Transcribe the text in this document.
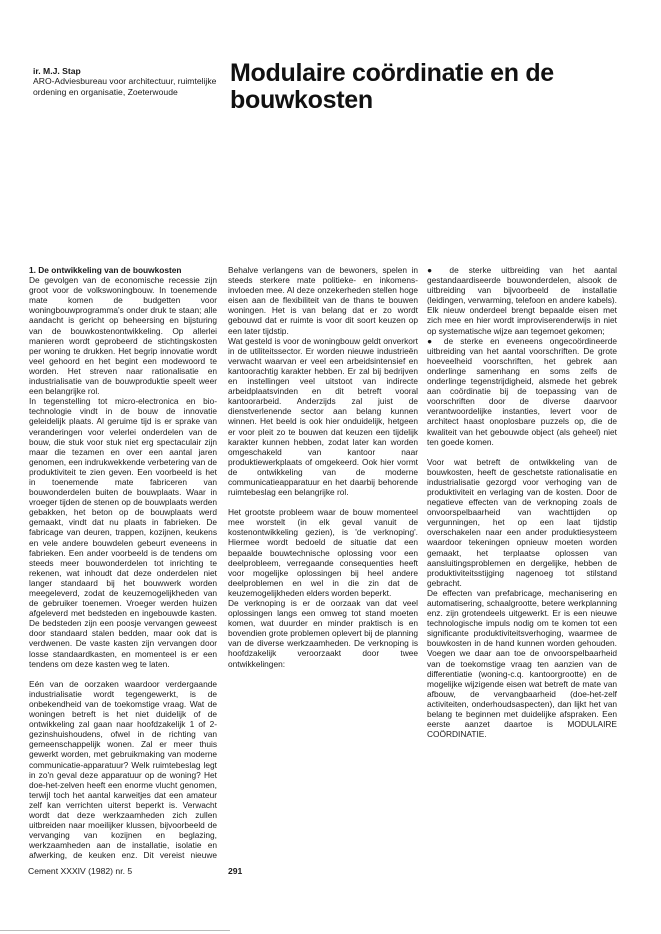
ir. M.J. Stap
ARO-Adviesbureau voor architectuur, ruimtelijke ordening en organisatie, Zoeterwoude
Modulaire coördinatie en de bouwkosten

1. De ontwikkeling van de bouwkosten

De gevolgen van de economische recessie zijn groot voor de volkswoningbouw. In toenemende mate komen de budgetten voor woningbouwprogramma's onder druk te staan; alle aandacht is gericht op beheersing en bijsturing van de bouwkostenontwikkeling. Op allerlei manieren wordt geprobeerd de stichtingskosten per woning te drukken. Het begrip innovatie wordt veel gehoord en het begint een modewoord te worden. Het streven naar rationalisatie en industrialisatie van de bouwproduktie speelt weer een belangrijke rol.

In tegenstelling tot micro-electronica en bio-technologie vindt in de bouw de innovatie geleidelijk plaats. Al geruime tijd is er sprake van veranderingen voor velerlei onderdelen van de bouw, die stuk voor stuk niet erg spectaculair zijn maar die tezamen en over een aantal jaren genomen, een indrukwekkende verbetering van de produktiviteit te zien geven. Een voorbeeld is het in toenemende mate fabriceren van bouwonderdelen buiten de bouwplaats. Waar in vroeger tijden de stenen op de bouwplaats werden gebakken, het beton op de bouwplaats werd gemaakt, vindt dat nu plaats in fabrieken. De fabricage van deuren, trappen, kozijnen, keukens en vele andere bouwdelen gebeurt eveneens in fabrieken. Een ander voorbeeld is de tendens om steeds meer bouwonderdelen tot inrichting te rekenen, wat inhoudt dat deze onderdelen niet langer standaard bij het bouwwerk worden meegeleverd, zodat de keuzemogelijkheden van de gebruiker toenemen. Vroeger werden huizen afgeleverd met bedsteden en ingebouwde kasten. De bedsteden zijn een poosje vervangen geweest door standaard stalen bedden, maar ook dat is verdwenen. De vaste kasten zijn vervangen door losse standaardkasten, en momenteel is er een tendens om deze kasten weg te laten.

Eén van de oorzaken waardoor verdergaande industrialisatie wordt tegengewerkt, is de onbekendheid van de toekomstige vraag. Wat de woningen betreft is het niet duidelijk of de ontwikkeling zal gaan naar hoofdzakelijk 1 of 2-gezinshuishoudens, ofwel in de richting van gemeenschappelijk wonen. Zal er meer thuis gewerkt worden, met gebruikmaking van moderne communicatie-apparatuur? Welk ruimtebeslag legt in zo'n geval deze apparatuur op de woning? Het doe-het-zelven heeft een enorme vlucht genomen, terwijl toch het aantal karweitjes dat een amateur zelf kan verrichten uiterst beperkt is. Verwacht wordt dat deze werkzaamheden zich zullen uitbreiden naar moeilijker klussen, bijvoorbeeld de vervanging van kozijnen en beglazing, werkzaamheden aan de installatie, isolatie en afwerking, de keuken enz. Dit vereist nieuwe

Behalve verlangens van de bewoners, spelen in steeds sterkere mate politieke- en inkomens-invloeden mee. Al deze onzekerheden stellen hoge eisen aan de flexibiliteit van de thans te bouwen woningen. Het is van belang dat er zo wordt gebouwd dat er ruimte is voor dit soort keuzen op een later tijdstip.

Wat gesteld is voor de woningbouw geldt onverkort in de utiliteitssector. Er worden nieuwe industrieën verwacht waarvan er veel een arbeidsintensief en kantoorachtig karakter hebben. Er zal bij bedrijven en instellingen veel uitstoot van indirecte arbeidplaatsvinden en dit betreft vooral kantoorarbeid. Anderzijds zal juist de dienstverlenende sector aan belang kunnen winnen. Het beeld is ook hier onduidelijk, hetgeen er voor pleit zo te bouwen dat keuzen een tijdelijk karakter kunnen hebben, zodat later kan worden omgeschakeld van kantoor naar produktiewerkplaats of omgekeerd. Ook hier vormt de ontwikkeling van de moderne communicatieapparatuur en het daarbij behorende ruimtebeslag een belangrijke rol.

Het grootste probleem waar de bouw momenteel mee worstelt (in elk geval vanuit de kostenontwikkeling gezien), is 'de verknoping'. Hiermee wordt bedoeld de situatie dat een bepaalde bouwtechnische oplossing voor een deelprobleem, verregaande consequenties heeft voor mogelijke oplossingen bij heel andere deelproblemen en wel in die zin dat de keuzemogelijkheden elders worden beperkt.

De verknoping is er de oorzaak van dat veel oplossingen langs een omweg tot stand moeten komen, wat duurder en minder praktisch is en bovendien grote problemen oplevert bij de planning van de diverse werkzaamheden. De verknoping is hoofdzakelijk veroorzaakt door twee ontwikkelingen:

● de sterke uitbreiding van het aantal gestandaardiseerde bouwonderdelen, alsook de uitbreiding van bijvoorbeeld de installatie (leidingen, verwarming, telefoon en andere kabels). Elk nieuw onderdeel brengt bepaalde eisen met zich mee en hier wordt improviserenderwijs in niet op systematische wijze aan tegemoet gekomen;

● de sterke en eveneens ongecoördineerde uitbreiding van het aantal voorschriften. De grote hoeveelheid voorschriften, het gebrek aan onderlinge samenhang en soms zelfs de onderlinge tegenstrijdigheid, alsmede het gebrek aan coördinatie bij de toepassing van de voorschriften door de diverse daarvoor verantwoordelijke instanties, levert voor de architect haast onoplosbare puzzels op, die de kwaliteit van het gebouwde object (als geheel) niet ten goede komen.

Voor wat betreft de ontwikkeling van de bouwkosten, heeft de geschetste rationalisatie en industrialisatie gezorgd voor verhoging van de produktiviteit en verlaging van de kosten. Door de negatieve effecten van de verknoping zoals de onvoorspelbaarheid van wachttijden op vergunningen, het op een laat tijdstip overschakelen naar een ander produktiesysteem waardoor tekeningen opnieuw moeten worden gemaakt, het terplaatse oplossen van aansluitingsproblemen en dergelijke, hebben de produktiviteitsstijging nagenoeg tot stilstand gebracht.

De effecten van prefabricage, mechanisering en automatisering, schaalgrootte, betere werkplanning enz. zijn grotendeels uitgewerkt. Er is een nieuwe technologische impuls nodig om te komen tot een significante produktiviteitsverhoging, waarmee de bouwkosten in de hand kunnen worden gehouden. Voegen we daar aan toe de onvoorspelbaarheid van de toekomstige vraag ten aanzien van de differentiatie (woning-c.q. kantoorgrootte) en de mogelijke wijzigende eisen wat betreft de mate van afbouw, de vervangbaarheid (doe-het-zelf activiteiten, onderhoudsaspecten), dan lijkt het van belang te beginnen met duidelijke afspraken. Een eerste aanzet daartoe is MODULAIRE COÖRDINATIE.

Cement XXXIV (1982) nr. 5	291
